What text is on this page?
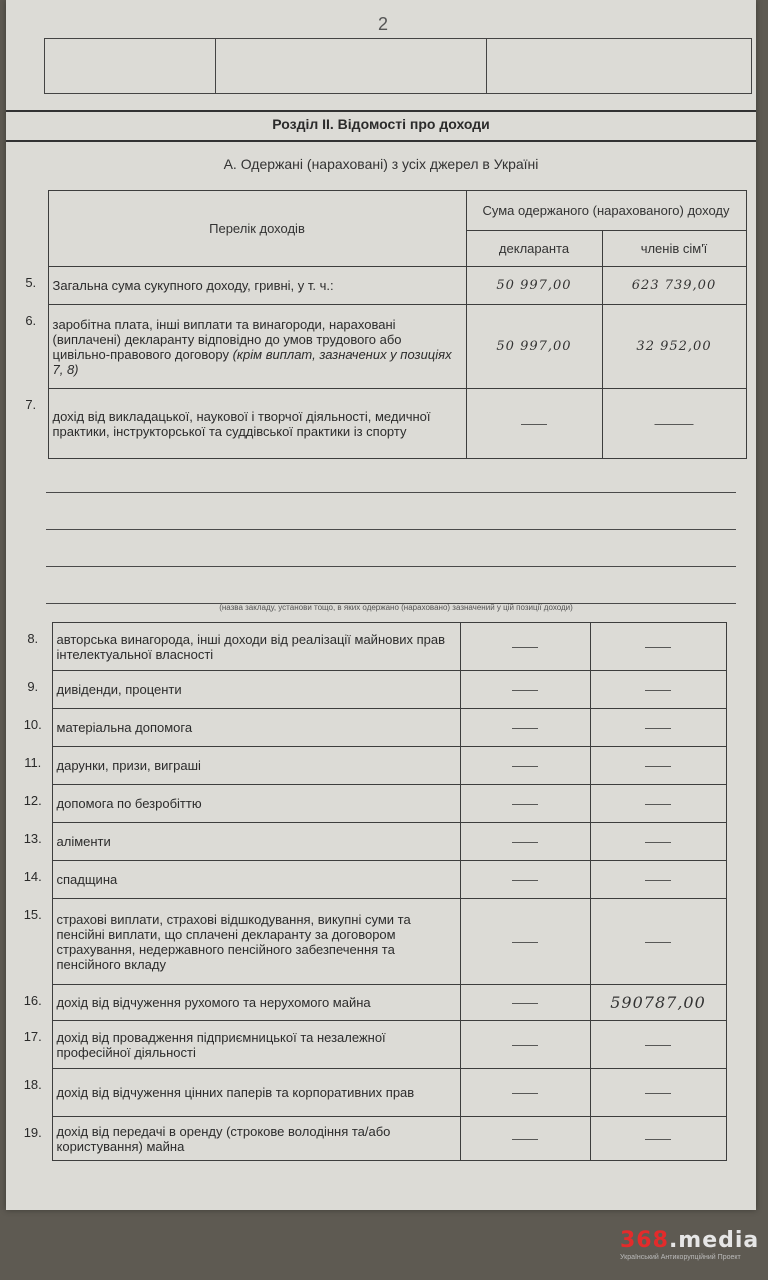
2

Розділ ІІ. Відомості про доходи
А. Одержані (нараховані) з усіх джерел в Україні
	Перелік доходів	Сума одержаного (нарахованого) доходу	
		декларанта	членів сім'ї
5.	Загальна сума сукупного доходу, гривні, у т. ч.:	50 997,00	623 739,00
6.	заробітна плата, інші виплати та винагороди, нараховані (виплачені) декларанту відповідно до умов трудового або цивільно-правового договору (крім виплат, зазначених у позиціях 7, 8)	50 997,00	32 952,00
7.	дохід від викладацької, наукової і творчої діяльності, медичної практики, інструкторської та суддівської практики із спорту	——	———
(назва закладу, установи тощо, в яких одержано (нараховано) зазначений у цій позиції доходи)
8.	авторська винагорода, інші доходи від реалізації майнових прав інтелектуальної власності	——	——
9.	дивіденди, проценти	——	——
10.	матеріальна допомога	——	——
11.	дарунки, призи, виграші	——	——
12.	допомога по безробіттю	——	——
13.	аліменти	——	——
14.	спадщина	——	——
15.	страхові виплати, страхові відшкодування, викупні суми та пенсійні виплати, що сплачені декларанту за договором страхування, недержавного пенсійного забезпечення та пенсійного вкладу	——	——
16.	дохід від відчуження рухомого та нерухомого майна	——	590787,00
17.	дохід від провадження підприємницької та незалежної професійної діяльності	——	——
18.	дохід від відчуження цінних паперів та корпоративних прав	——	——
19.	дохід від передачі в оренду (строкове володіння та/або користування) майна	——	——
368.media
Український Антикорупційний Проект
